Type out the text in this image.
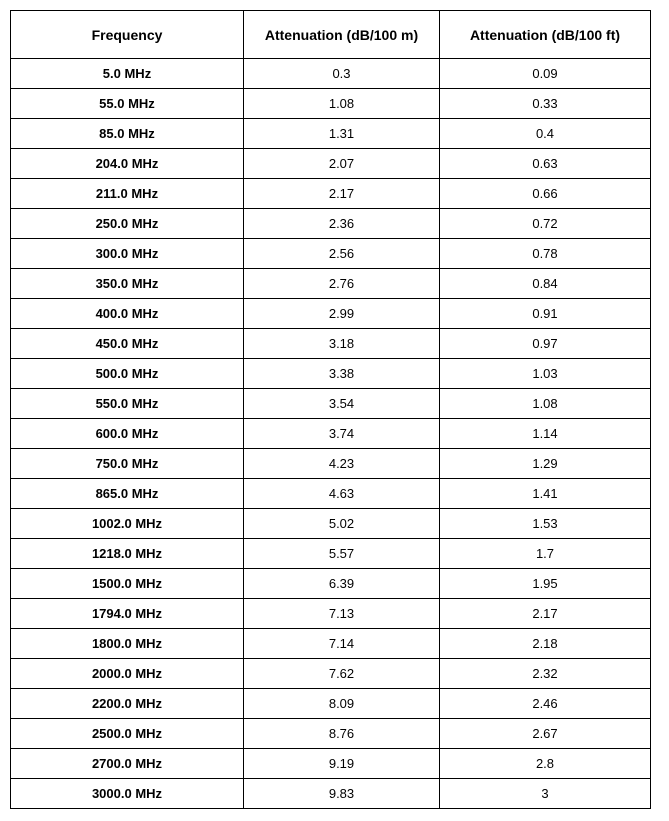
Frequency	Attenuation (dB/100 m)	Attenuation (dB/100 ft)
5.0 MHz	0.3	0.09
55.0 MHz	1.08	0.33
85.0 MHz	1.31	0.4
204.0 MHz	2.07	0.63
211.0 MHz	2.17	0.66
250.0 MHz	2.36	0.72
300.0 MHz	2.56	0.78
350.0 MHz	2.76	0.84
400.0 MHz	2.99	0.91
450.0 MHz	3.18	0.97
500.0 MHz	3.38	1.03
550.0 MHz	3.54	1.08
600.0 MHz	3.74	1.14
750.0 MHz	4.23	1.29
865.0 MHz	4.63	1.41
1002.0 MHz	5.02	1.53
1218.0 MHz	5.57	1.7
1500.0 MHz	6.39	1.95
1794.0 MHz	7.13	2.17
1800.0 MHz	7.14	2.18
2000.0 MHz	7.62	2.32
2200.0 MHz	8.09	2.46
2500.0 MHz	8.76	2.67
2700.0 MHz	9.19	2.8
3000.0 MHz	9.83	3
